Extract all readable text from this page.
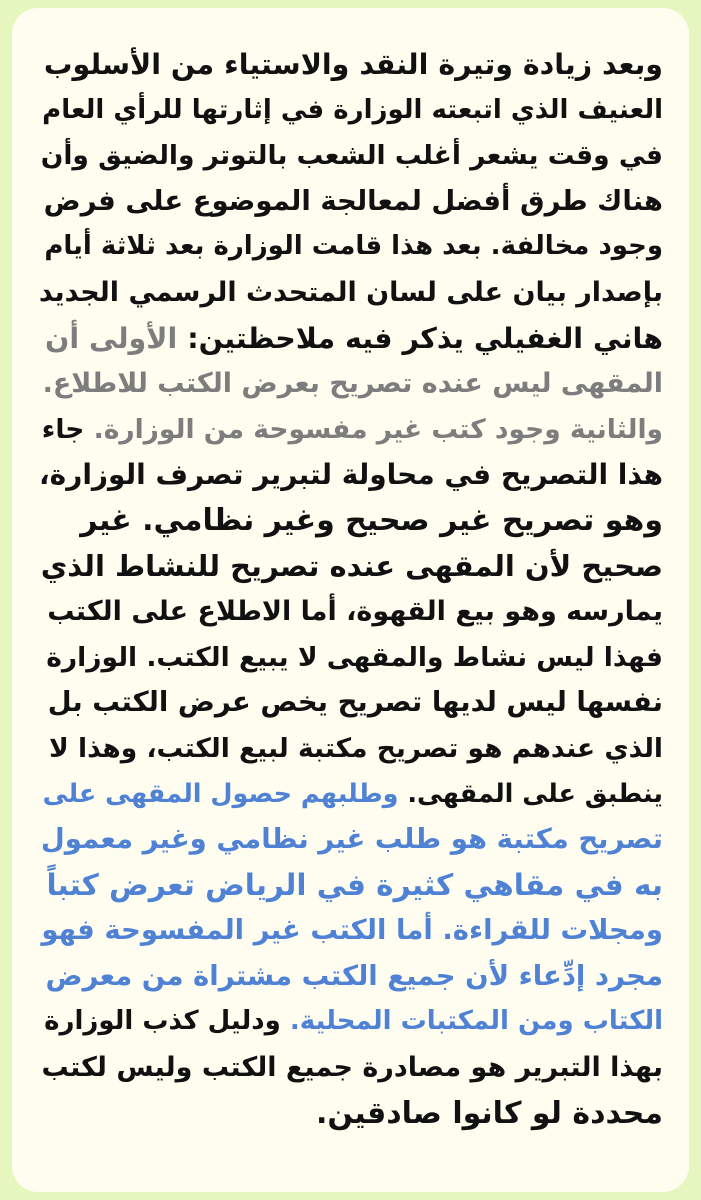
وبعد زيادة وتيرة النقد والاستياء من الأسلوب
العنيف الذي اتبعته الوزارة في إثارتها للرأي العام
في وقت يشعر أغلب الشعب بالتوتر والضيق وأن
هناك طرق أفضل لمعالجة الموضوع على فرض
وجود مخالفة. بعد هذا قامت الوزارة بعد ثلاثة أيام
بإصدار بيان على لسان المتحدث الرسمي الجديد
هاني الغفيلي يذكر فيه ملاحظتين: الأولى أن
المقهى ليس عنده تصريح بعرض الكتب للاطلاع.
والثانية وجود كتب غير مفسوحة من الوزارة. جاء
هذا التصريح في محاولة لتبرير تصرف الوزارة،
وهو تصريح غير صحيح وغير نظامي. غير
صحيح لأن المقهى عنده تصريح للنشاط الذي
يمارسه وهو بيع القهوة، أما الاطلاع على الكتب
فهذا ليس نشاط والمقهى لا يبيع الكتب. الوزارة
نفسها ليس لديها تصريح يخص عرض الكتب بل
الذي عندهم هو تصريح مكتبة لبيع الكتب، وهذا لا
ينطبق على المقهى. وطلبهم حصول المقهى على
تصريح مكتبة هو طلب غير نظامي وغير معمول
به في مقاهي كثيرة في الرياض تعرض كتباً
ومجلات للقراءة. أما الكتب غير المفسوحة فهو
مجرد إدِّعاء لأن جميع الكتب مشتراة من معرض
الكتاب ومن المكتبات المحلية. ودليل كذب الوزارة
بهذا التبرير هو مصادرة جميع الكتب وليس لكتب
محددة لو كانوا صادقين.
